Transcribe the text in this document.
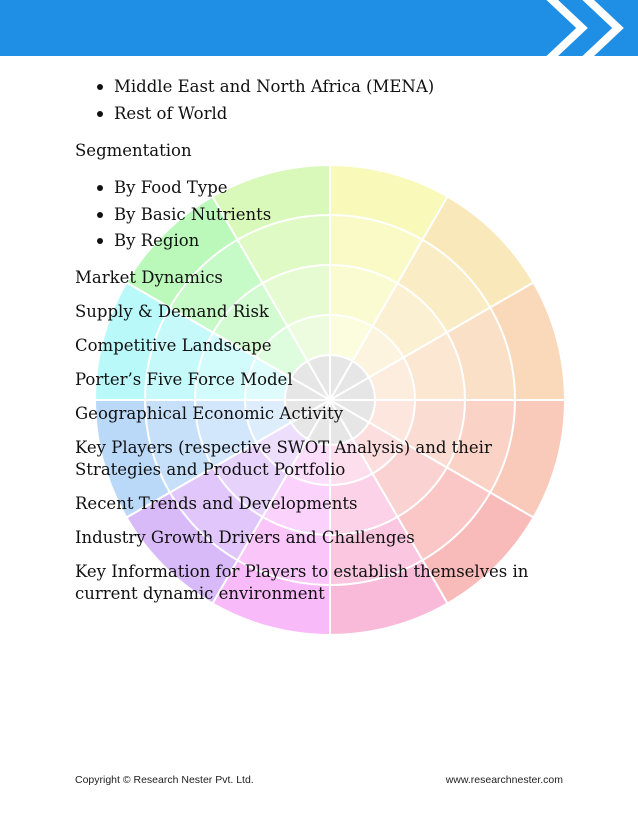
Middle East and North Africa (MENA)
Rest of World

Segmentation

By Food Type
By Basic Nutrients
By Region

Market Dynamics

Supply & Demand Risk

Competitive Landscape

Porter’s Five Force Model

Geographical Economic Activity

Key Players (respective SWOT Analysis) and their Strategies and Product Portfolio

Recent Trends and Developments

Industry Growth Drivers and Challenges

Key Information for Players to establish themselves in current dynamic environment

Copyright © Research Nester Pvt. Ltd.	www.researchnester.com
